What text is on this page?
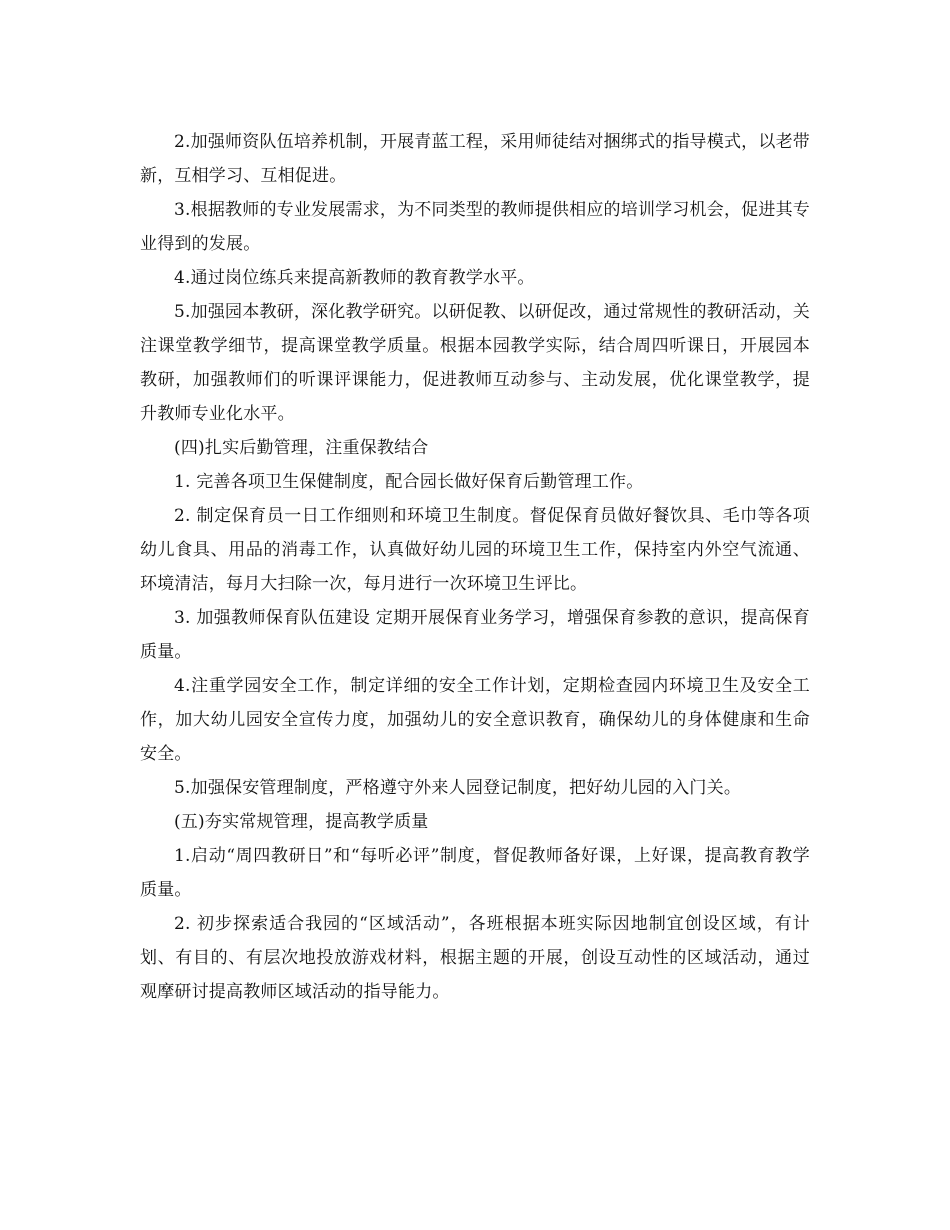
2.加强师资队伍培养机制，开展青蓝工程，采用师徒结对捆绑式的指导模式，以老带新，互相学习、互相促进。

3.根据教师的专业发展需求，为不同类型的教师提供相应的培训学习机会，促进其专业得到的发展。

4.通过岗位练兵来提高新教师的教育教学水平。

5.加强园本教研，深化教学研究。以研促教、以研促改，通过常规性的教研活动，关注课堂教学细节，提高课堂教学质量。根据本园教学实际，结合周四听课日，开展园本教研，加强教师们的听课评课能力，促进教师互动参与、主动发展，优化课堂教学，提升教师专业化水平。

(四)扎实后勤管理，注重保教结合

1. 完善各项卫生保健制度，配合园长做好保育后勤管理工作。

2. 制定保育员一日工作细则和环境卫生制度。督促保育员做好餐饮具、毛巾等各项幼儿食具、用品的消毒工作，认真做好幼儿园的环境卫生工作，保持室内外空气流通、环境清洁，每月大扫除一次，每月进行一次环境卫生评比。

3. 加强教师保育队伍建设 定期开展保育业务学习，增强保育参教的意识，提高保育质量。

4.注重学园安全工作，制定详细的安全工作计划，定期检查园内环境卫生及安全工作，加大幼儿园安全宣传力度，加强幼儿的安全意识教育，确保幼儿的身体健康和生命安全。

5.加强保安管理制度，严格遵守外来人园登记制度，把好幼儿园的入门关。

(五)夯实常规管理，提高教学质量

1.启动“周四教研日”和“每听必评”制度，督促教师备好课，上好课，提高教育教学质量。

2. 初步探索适合我园的“区域活动”，各班根据本班实际因地制宜创设区域，有计划、有目的、有层次地投放游戏材料，根据主题的开展，创设互动性的区域活动，通过观摩研讨提高教师区域活动的指导能力。
